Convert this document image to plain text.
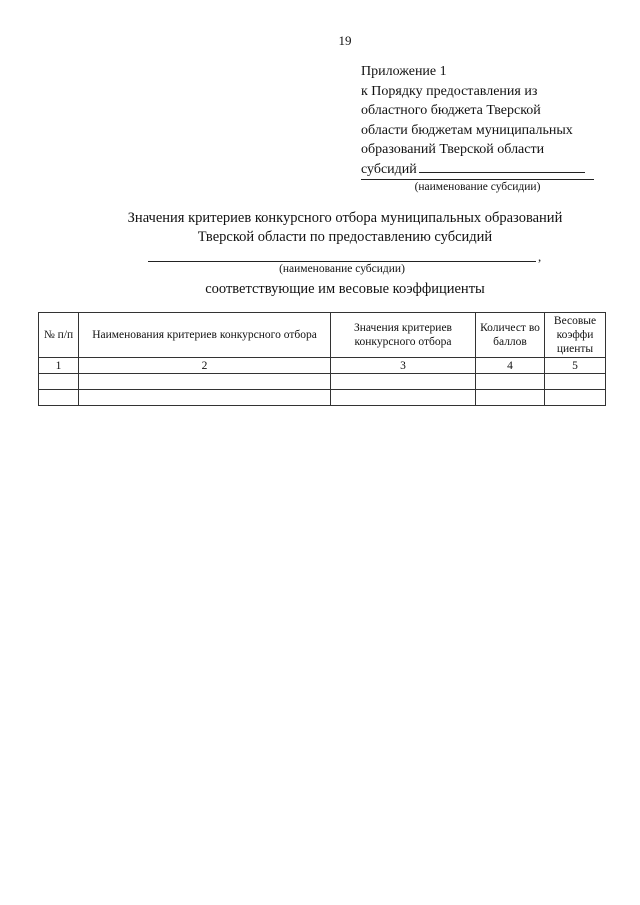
19
Приложение 1
к Порядку предоставления из
областного бюджета Тверской
области бюджетам муниципальных
образований Тверской области
субсидий
(наименование субсидии)
Значения критериев конкурсного отбора муниципальных образований
Тверской области по предоставлению субсидий
,
(наименование субсидии)
соответствующие им весовые коэффициенты
№ п/п	Наименования критериев конкурсного отбора	Значения критериев конкурсного отбора	Количест во баллов	Весовые коэффи циенты
1	2	3	4	5
